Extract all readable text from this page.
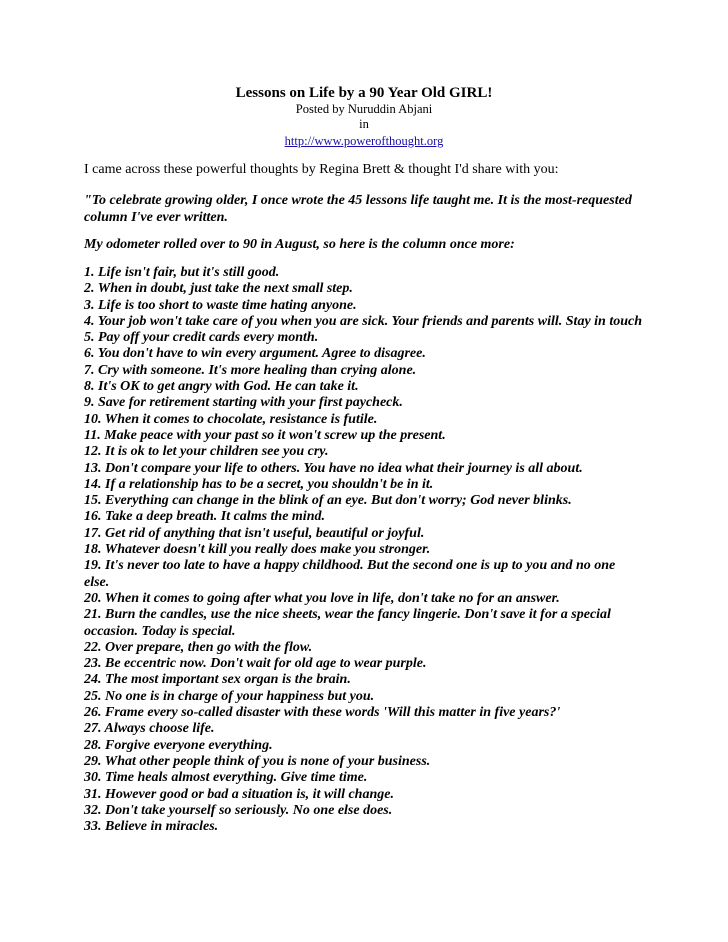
Lessons on Life by a 90 Year Old GIRL!
Posted by Nuruddin Abjani
in
http://www.powerofthought.org

I came across these powerful thoughts by Regina Brett & thought I'd share with you:

"To celebrate growing older, I once wrote the 45 lessons life taught me. It is the most-requested column I've ever written.

My odometer rolled over to 90 in August, so here is the column once more:

1. Life isn't fair, but it's still good.
2. When in doubt, just take the next small step.
3. Life is too short to waste time hating anyone.
4. Your job won't take care of you when you are sick. Your friends and parents will. Stay in touch
5. Pay off your credit cards every month.
6. You don't have to win every argument. Agree to disagree.
7. Cry with someone. It's more healing than crying alone.
8. It's OK to get angry with God. He can take it.
9. Save for retirement starting with your first paycheck.
10. When it comes to chocolate, resistance is futile.
11. Make peace with your past so it won't screw up the present.
12. It is ok to let your children see you cry.
13. Don't compare your life to others. You have no idea what their journey is all about.
14. If a relationship has to be a secret, you shouldn't be in it.
15. Everything can change in the blink of an eye. But don't worry; God never blinks.
16. Take a deep breath. It calms the mind.
17. Get rid of anything that isn't useful, beautiful or joyful.
18. Whatever doesn't kill you really does make you stronger.
19. It's never too late to have a happy childhood. But the second one is up to you and no one else.
20. When it comes to going after what you love in life, don't take no for an answer.
21. Burn the candles, use the nice sheets, wear the fancy lingerie. Don't save it for a special occasion. Today is special.
22. Over prepare, then go with the flow.
23. Be eccentric now. Don't wait for old age to wear purple.
24. The most important sex organ is the brain.
25. No one is in charge of your happiness but you.
26. Frame every so-called disaster with these words 'Will this matter in five years?'
27. Always choose life.
28. Forgive everyone everything.
29. What other people think of you is none of your business.
30. Time heals almost everything. Give time time.
31. However good or bad a situation is, it will change.
32. Don't take yourself so seriously. No one else does.
33. Believe in miracles.
